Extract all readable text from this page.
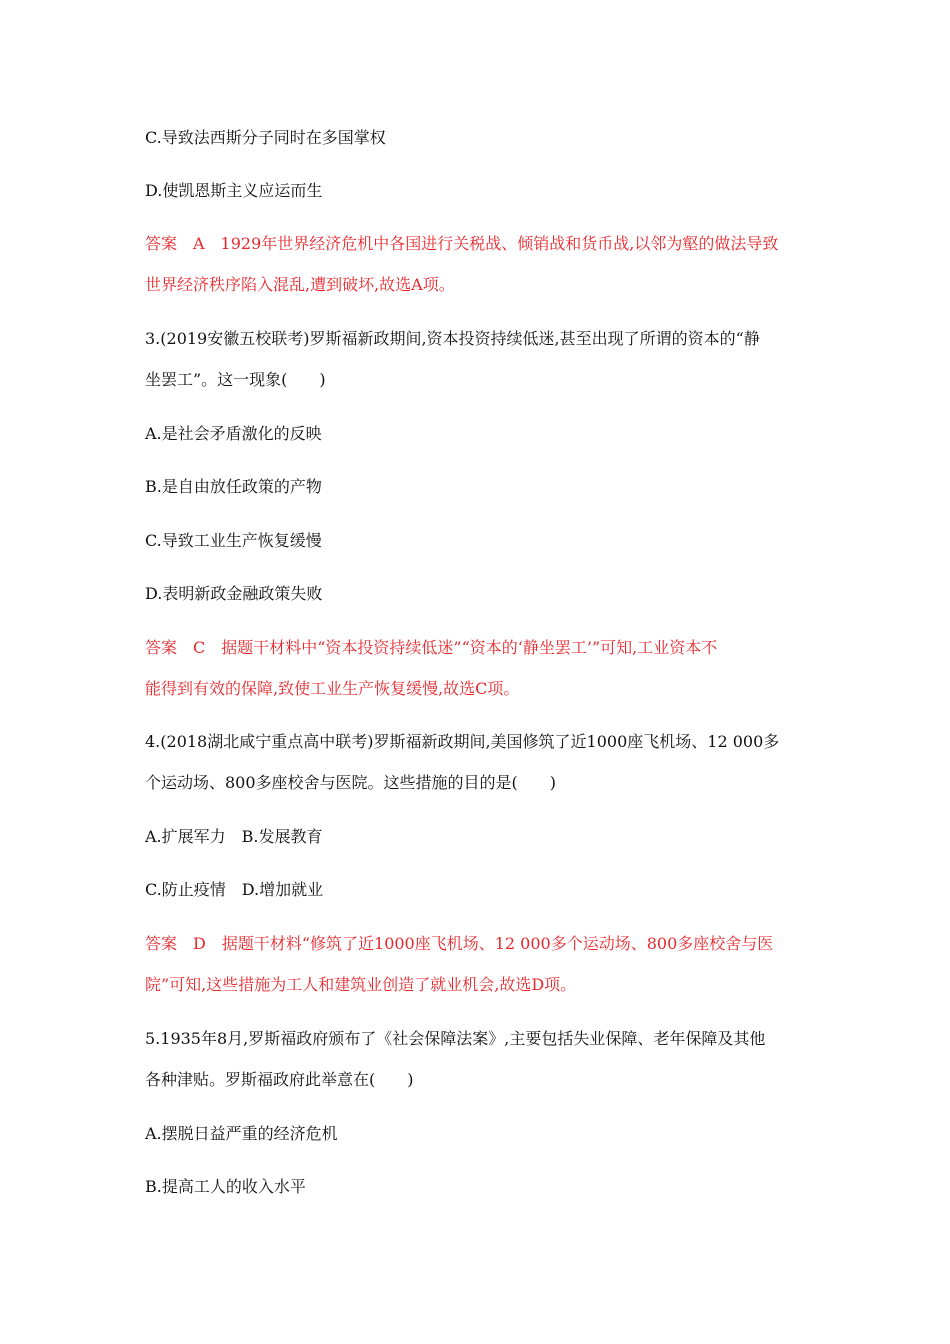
C.导致法西斯分子同时在多国掌权
D.使凯恩斯主义应运而生
答案　A　1929年世界经济危机中各国进行关税战、倾销战和货币战,以邻为壑的做法导致
世界经济秩序陷入混乱,遭到破坏,故选A项。
3.(2019安徽五校联考)罗斯福新政期间,资本投资持续低迷,甚至出现了所谓的资本的“静
坐罢工”。这一现象(　　)
A.是社会矛盾激化的反映
B.是自由放任政策的产物
C.导致工业生产恢复缓慢
D.表明新政金融政策失败
答案　C　据题干材料中“资本投资持续低迷”“资本的‘静坐罢工’”可知,工业资本不
能得到有效的保障,致使工业生产恢复缓慢,故选C项。
4.(2018湖北咸宁重点高中联考)罗斯福新政期间,美国修筑了近1000座飞机场、12 000多
个运动场、800多座校舍与医院。这些措施的目的是(　　)
A.扩展军力　B.发展教育
C.防止疫情　D.增加就业
答案　D　据题干材料“修筑了近1000座飞机场、12 000多个运动场、800多座校舍与医
院”可知,这些措施为工人和建筑业创造了就业机会,故选D项。
5.1935年8月,罗斯福政府颁布了《社会保障法案》,主要包括失业保障、老年保障及其他
各种津贴。罗斯福政府此举意在(　　)
A.摆脱日益严重的经济危机
B.提高工人的收入水平
